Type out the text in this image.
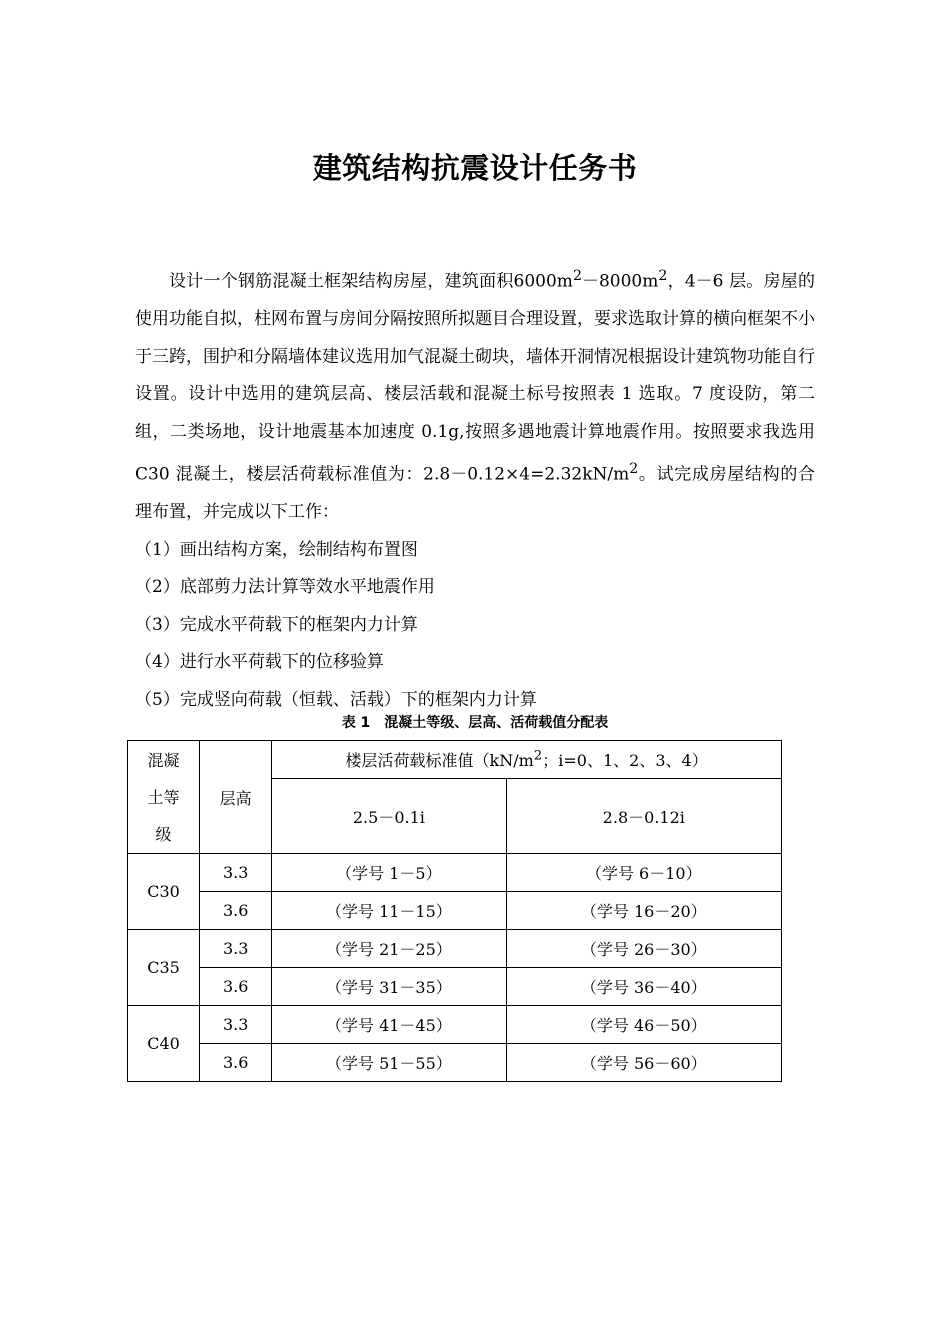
建筑结构抗震设计任务书

设计一个钢筋混凝土框架结构房屋，建筑面积$6000m^2-8000m^2$，4－6 层。房屋的使用功能自拟，柱网布置与房间分隔按照所拟题目合理设置，要求选取计算的横向框架不小于三跨，围护和分隔墙体建议选用加气混凝土砌块，墙体开洞情况根据设计建筑物功能自行设置。设计中选用的建筑层高、楼层活载和混凝土标号按照表 1 选取。7 度设防，第二组，二类场地，设计地震基本加速度 0.1g,按照多遇地震计算地震作用。按照要求我选用 C30 混凝土，楼层活荷载标准值为：$2.8-0.12\times 4=2.32kN/m^2$。试完成房屋结构的合理布置，并完成以下工作：

（1）画出结构方案，绘制结构布置图

（2）底部剪力法计算等效水平地震作用

（3）完成水平荷载下的框架内力计算

（4）进行水平荷载下的位移验算

（5）完成竖向荷载（恒载、活载）下的框架内力计算

表 1　混凝土等级、层高、活荷载值分配表
混凝
土等
级	层高	楼层活荷载标准值（$kN/m^2$；i=0、1、2、3、4）	
		2.5－0.1i	2.8－0.12i
C30	3.3	（学号 1－5）	（学号 6－10）
	3.6	（学号 11－15）	（学号 16－20）
C35	3.3	（学号 21－25）	（学号 26－30）
	3.6	（学号 31－35）	（学号 36－40）
C40	3.3	（学号 41－45）	（学号 46－50）
	3.6	（学号 51－55）	（学号 56－60）
